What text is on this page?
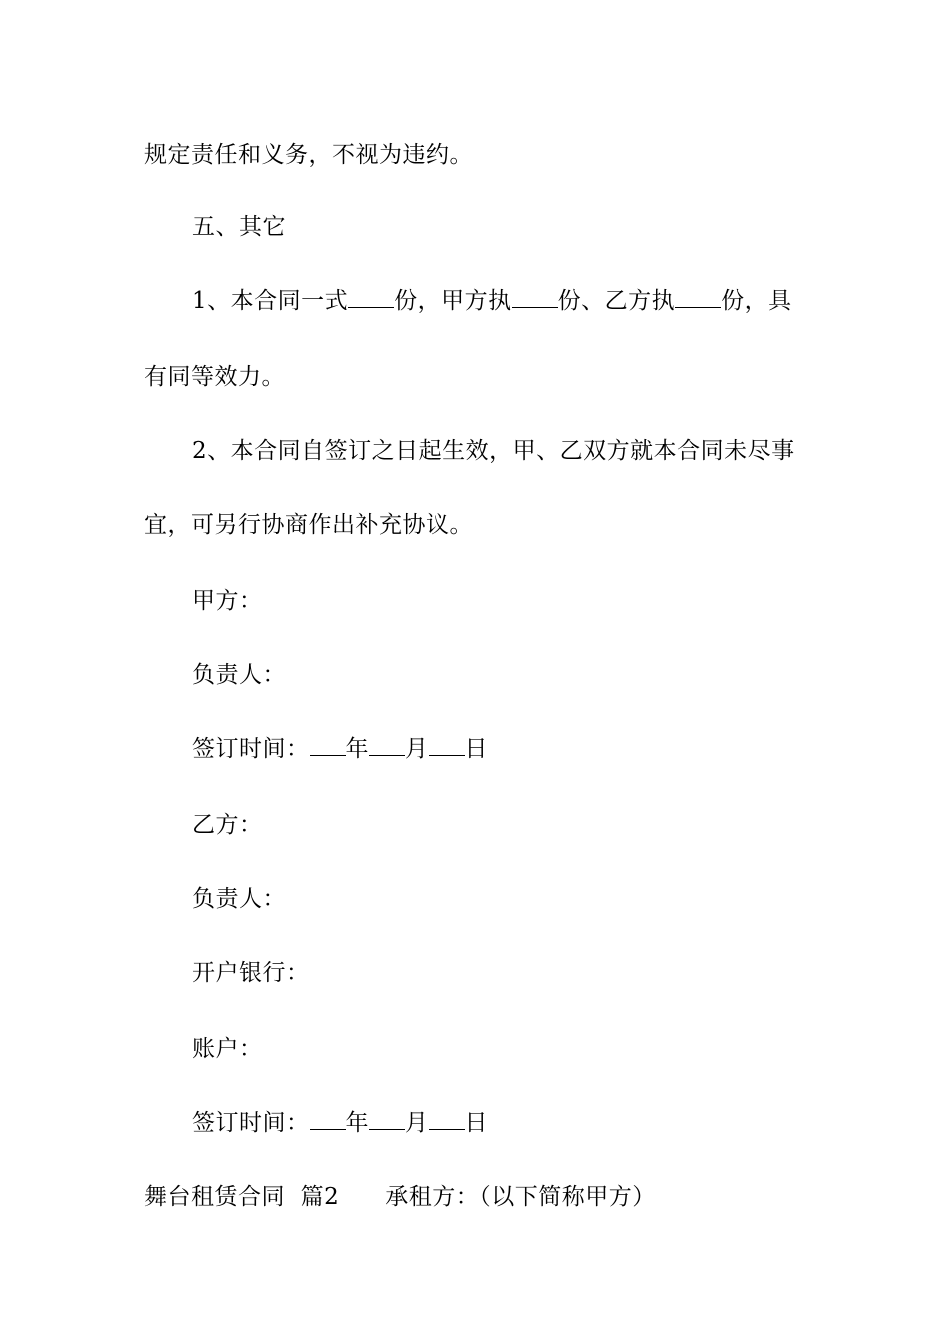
规定责任和义务，不视为违约。
五、其它
1、本合同一式 份，甲方执 份、乙方执 份，具
有同等效力。
2、本合同自签订之日起生效，甲、乙双方就本合同未尽事
宜，可另行协商作出补充协议。
甲方：
负责人：
签订时间： 年 月 日
乙方：
负责人：
开户银行：
账户：
签订时间： 年 月 日
舞台租赁合同  篇2 承租方：（以下简称甲方）
